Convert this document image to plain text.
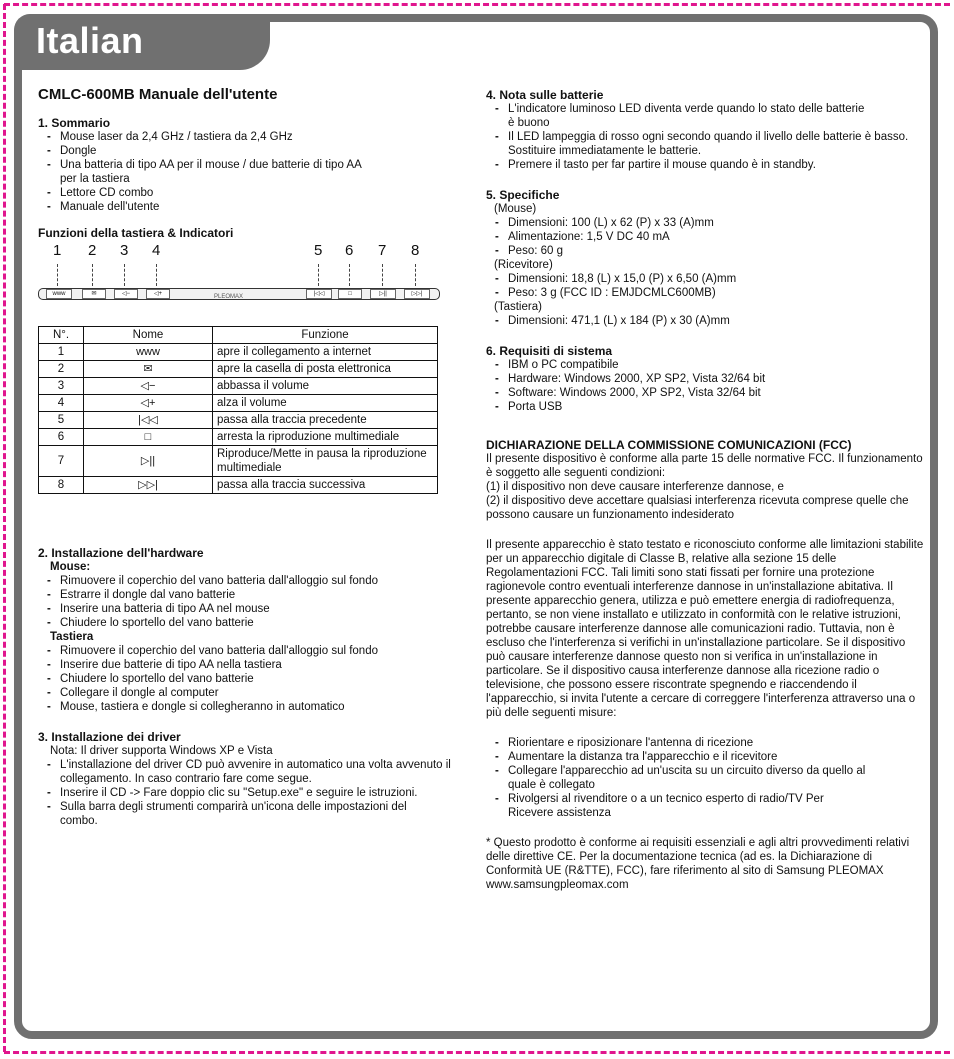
Italian
CMLC-600MB Manuale dell'utente
1. Sommario
- Mouse laser da 2,4 GHz / tastiera da 2,4 GHz
- Dongle
- Una batteria di tipo AA per il mouse / due batterie di tipo AA per la tastiera
- Lettore CD combo
- Manuale dell'utente
Funzioni della tastiera & Indicatori
1 2 3 4	5 6 7 8
www	✉	◁−	◁+	PLEOMAX	|◁◁	□	▷||	▷▷|
N°.	Nome	Funzione
1	www	apre il collegamento a internet
2	✉	apre la casella di posta elettronica
3	◁−	abbassa il volume
4	◁+	alza il volume
5	|◁◁	passa alla traccia precedente
6	□	arresta la riproduzione multimediale
7	▷||	Riproduce/Mette in pausa la riproduzione multimediale
8	▷▷|	passa alla traccia successiva
2. Installazione dell'hardware
Mouse:
- Rimuovere il coperchio del vano batteria dall'alloggio sul fondo
- Estrarre il dongle dal vano batterie
- Inserire una batteria di tipo AA nel mouse
- Chiudere lo sportello del vano batterie
Tastiera
- Rimuovere il coperchio del vano batteria dall'alloggio sul fondo
- Inserire due batterie di tipo AA nella tastiera
- Chiudere lo sportello del vano batterie
- Collegare il dongle al computer
- Mouse, tastiera e dongle si collegheranno in automatico
3. Installazione dei driver
Nota: Il driver supporta Windows XP e Vista
- L'installazione del driver CD può avvenire in automatico una volta avvenuto il collegamento. In caso contrario fare come segue.
- Inserire il CD -> Fare doppio clic su "Setup.exe" e seguire le istruzioni.
- Sulla barra degli strumenti comparirà un'icona delle impostazioni del combo.
4. Nota sulle batterie
- L'indicatore luminoso LED diventa verde quando lo stato delle batterie è buono
- Il LED lampeggia di rosso ogni secondo quando il livello delle batterie è basso. Sostituire immediatamente le batterie.
- Premere il tasto per far partire il mouse quando è in standby.
5. Specifiche
(Mouse)
- Dimensioni: 100 (L) x 62 (P) x 33 (A)mm
- Alimentazione: 1,5 V DC 40 mA
- Peso: 60 g
(Ricevitore)
- Dimensioni: 18,8 (L) x 15,0 (P) x 6,50 (A)mm
- Peso: 3 g (FCC ID : EMJDCMLC600MB)
(Tastiera)
- Dimensioni: 471,1 (L) x 184 (P) x 30 (A)mm
6. Requisiti di sistema
- IBM o PC compatibile
- Hardware: Windows 2000, XP SP2, Vista 32/64 bit
- Software: Windows 2000, XP SP2, Vista 32/64 bit
- Porta USB
DICHIARAZIONE DELLA COMMISSIONE COMUNICAZIONI (FCC)

Il presente dispositivo è conforme alla parte 15 delle normative FCC. Il funzionamento è soggetto alle seguenti condizioni:

(1) il dispositivo non deve causare interferenze dannose, e

(2) il dispositivo deve accettare qualsiasi interferenza ricevuta comprese quelle che possono causare un funzionamento indesiderato

Il presente apparecchio è stato testato e riconosciuto conforme alle limitazioni stabilite per un apparecchio digitale di Classe B, relative alla sezione 15 delle Regolamentazioni FCC. Tali limiti sono stati fissati per fornire una protezione ragionevole contro eventuali interferenze dannose in un'installazione abitativa. Il presente apparecchio genera, utilizza e può emettere energia di radiofrequenza, pertanto, se non viene installato e utilizzato in conformità con le relative istruzioni, potrebbe causare interferenze dannose alle comunicazioni radio. Tuttavia, non è escluso che l'interferenza si verifichi in un'installazione particolare. Se il dispositivo può causare interferenze dannose questo non si verifica in un'installazione in particolare. Se il dispositivo causa interferenze dannose alla ricezione radio o televisione, che possono essere riscontrate spegnendo e riaccendendo il l'apparecchio, si invita l'utente a cercare di correggere l'interferenza attraverso una o più delle seguenti misure:

- Riorientare e riposizionare l'antenna di ricezione
- Aumentare la distanza tra l'apparecchio e il ricevitore
- Collegare l'apparecchio ad un'uscita su un circuito diverso da quello al quale è collegato
- Rivolgersi al rivenditore o a un tecnico esperto di radio/TV Per Ricevere assistenza

* Questo prodotto è conforme ai requisiti essenziali e agli altri provvedimenti relativi delle direttive CE. Per la documentazione tecnica (ad es. la Dichiarazione di Conformità UE (R&TTE), FCC), fare riferimento al sito di Samsung PLEOMAX www.samsungpleomax.com
